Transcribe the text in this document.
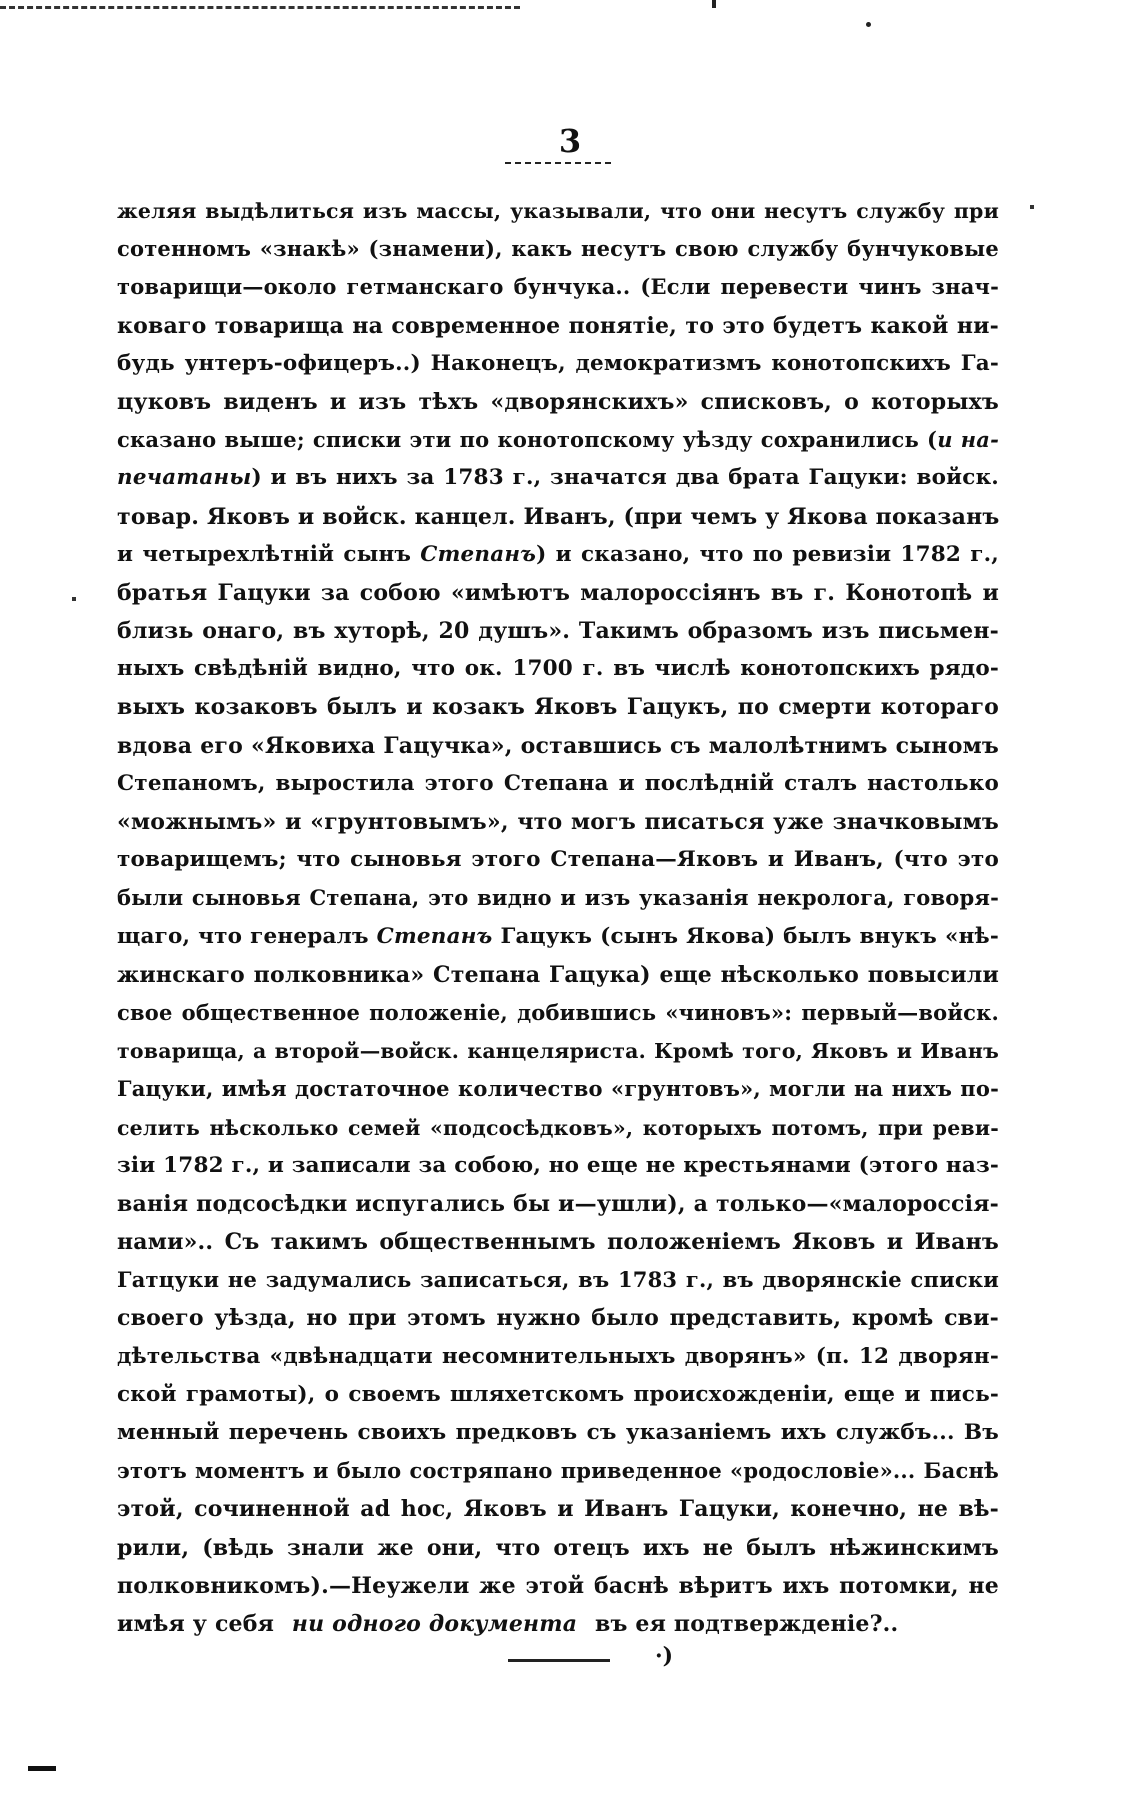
3
желяя выдѣлиться изъ массы, указывали, что они несутъ службу при
сотенномъ «знакѣ» (знамени), какъ несутъ свою службу бунчуковые
товарищи—около гетманскаго бунчука.. (Если перевести чинъ знач-
коваго товарища на современное понятіе, то это будетъ какой ни-
будь унтеръ-офицеръ..) Наконецъ, демократизмъ конотопскихъ Га-
цуковъ виденъ и изъ тѣхъ «дворянскихъ» списковъ, о которыхъ
сказано выше; списки эти по конотопскому уѣзду сохранились (и на-
печатаны) и въ нихъ за 1783 г., значатся два брата Гацуки: войск.
товар. Яковъ и войск. канцел. Иванъ, (при чемъ у Якова показанъ
и четырехлѣтній сынъ Степанъ) и сказано, что по ревизіи 1782 г.,
братья Гацуки за собою «имѣютъ малороссіянъ въ г. Конотопѣ и
близь онаго, въ хуторѣ, 20 душъ». Такимъ образомъ изъ письмен-
ныхъ свѣдѣній видно, что ок. 1700 г. въ числѣ конотопскихъ рядо-
выхъ козаковъ былъ и козакъ Яковъ Гацукъ, по смерти котораго
вдова его «Яковиха Гацучка», оставшись съ малолѣтнимъ сыномъ
Степаномъ, выростила этого Степана и послѣдній сталъ настолько
«можнымъ» и «грунтовымъ», что могъ писаться уже значковымъ
товарищемъ; что сыновья этого Степана—Яковъ и Иванъ, (что это
были сыновья Степана, это видно и изъ указанія некролога, говоря-
щаго, что генералъ Степанъ Гацукъ (сынъ Якова) былъ внукъ «нѣ-
жинскаго полковника» Степана Гацука) еще нѣсколько повысили
свое общественное положеніе, добившись «чиновъ»: первый—войск.
товарища, а второй—войск. канцеляриста. Кромѣ того, Яковъ и Иванъ
Гацуки, имѣя достаточное количество «грунтовъ», могли на нихъ по-
селить нѣсколько семей «подсосѣдковъ», которыхъ потомъ, при реви-
зіи 1782 г., и записали за собою, но еще не крестьянами (этого наз-
ванія подсосѣдки испугались бы и—ушли), а только—«малороссія-
нами».. Съ такимъ общественнымъ положеніемъ Яковъ и Иванъ
Гатцуки не задумались записаться, въ 1783 г., въ дворянскіе списки
своего уѣзда, но при этомъ нужно было представить, кромѣ сви-
дѣтельства «двѣнадцати несомнительныхъ дворянъ» (п. 12 дворян-
ской грамоты), о своемъ шляхетскомъ происхожденіи, еще и пись-
менный перечень своихъ предковъ съ указаніемъ ихъ службъ... Въ
этотъ моментъ и было состряпано приведенное «родословіе»... Баснѣ
этой, сочиненной ad hoc, Яковъ и Иванъ Гацуки, конечно, не вѣ-
рили, (вѣдь знали же они, что отецъ ихъ не былъ нѣжинскимъ
полковникомъ).—Неужели же этой баснѣ вѣритъ ихъ потомки, не
имѣя у себя ни одного документа въ ея подтвержденіе?..
·)
